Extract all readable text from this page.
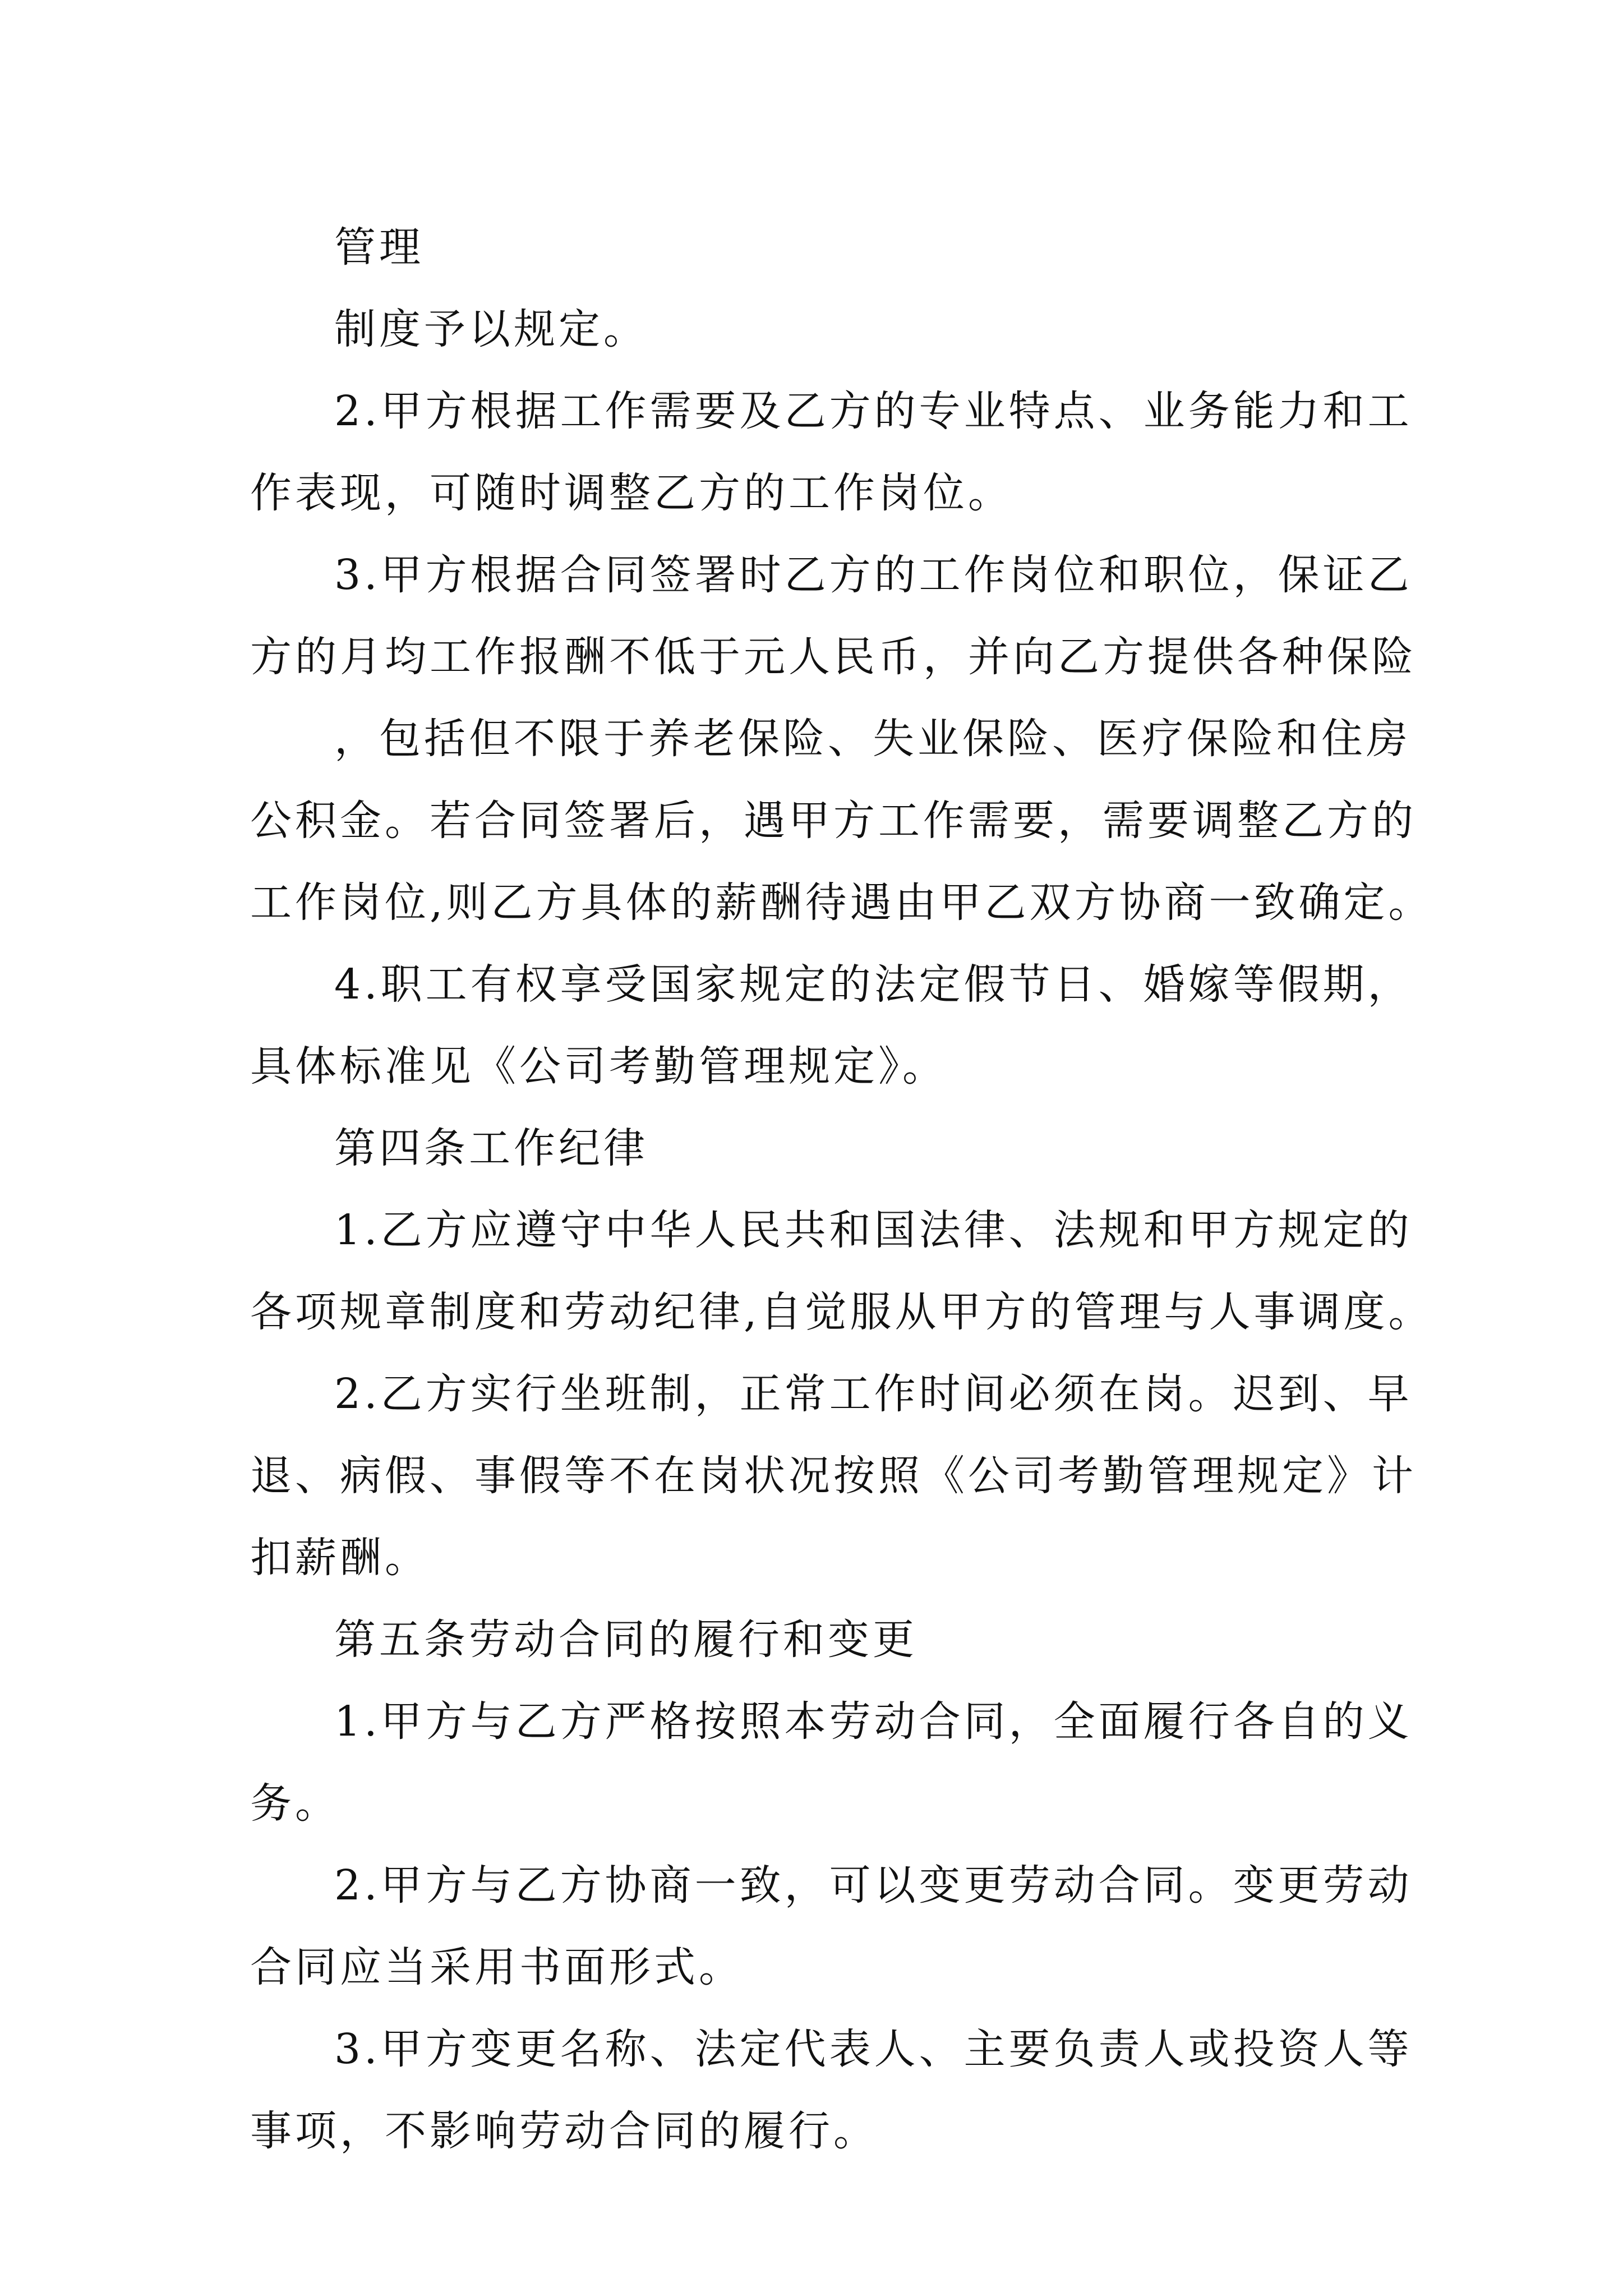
管理
制度予以规定。
2.甲方根据工作需要及乙方的专业特点、业务能力和工
作表现，可随时调整乙方的工作岗位。
3.甲方根据合同签署时乙方的工作岗位和职位，保证乙
方的月均工作报酬不低于元人民币，并向乙方提供各种保险
，包括但不限于养老保险、失业保险、医疗保险和住房
公积金。若合同签署后，遇甲方工作需要，需要调整乙方的
工作岗位,则乙方具体的薪酬待遇由甲乙双方协商一致确定。
4.职工有权享受国家规定的法定假节日、婚嫁等假期，
具体标准见《公司考勤管理规定》。
第四条工作纪律
1.乙方应遵守中华人民共和国法律、法规和甲方规定的
各项规章制度和劳动纪律,自觉服从甲方的管理与人事调度。
2.乙方实行坐班制，正常工作时间必须在岗。迟到、早
退、病假、事假等不在岗状况按照《公司考勤管理规定》计
扣薪酬。
第五条劳动合同的履行和变更
1.甲方与乙方严格按照本劳动合同，全面履行各自的义
务。
2.甲方与乙方协商一致，可以变更劳动合同。变更劳动
合同应当采用书面形式。
3.甲方变更名称、法定代表人、主要负责人或投资人等
事项，不影响劳动合同的履行。
